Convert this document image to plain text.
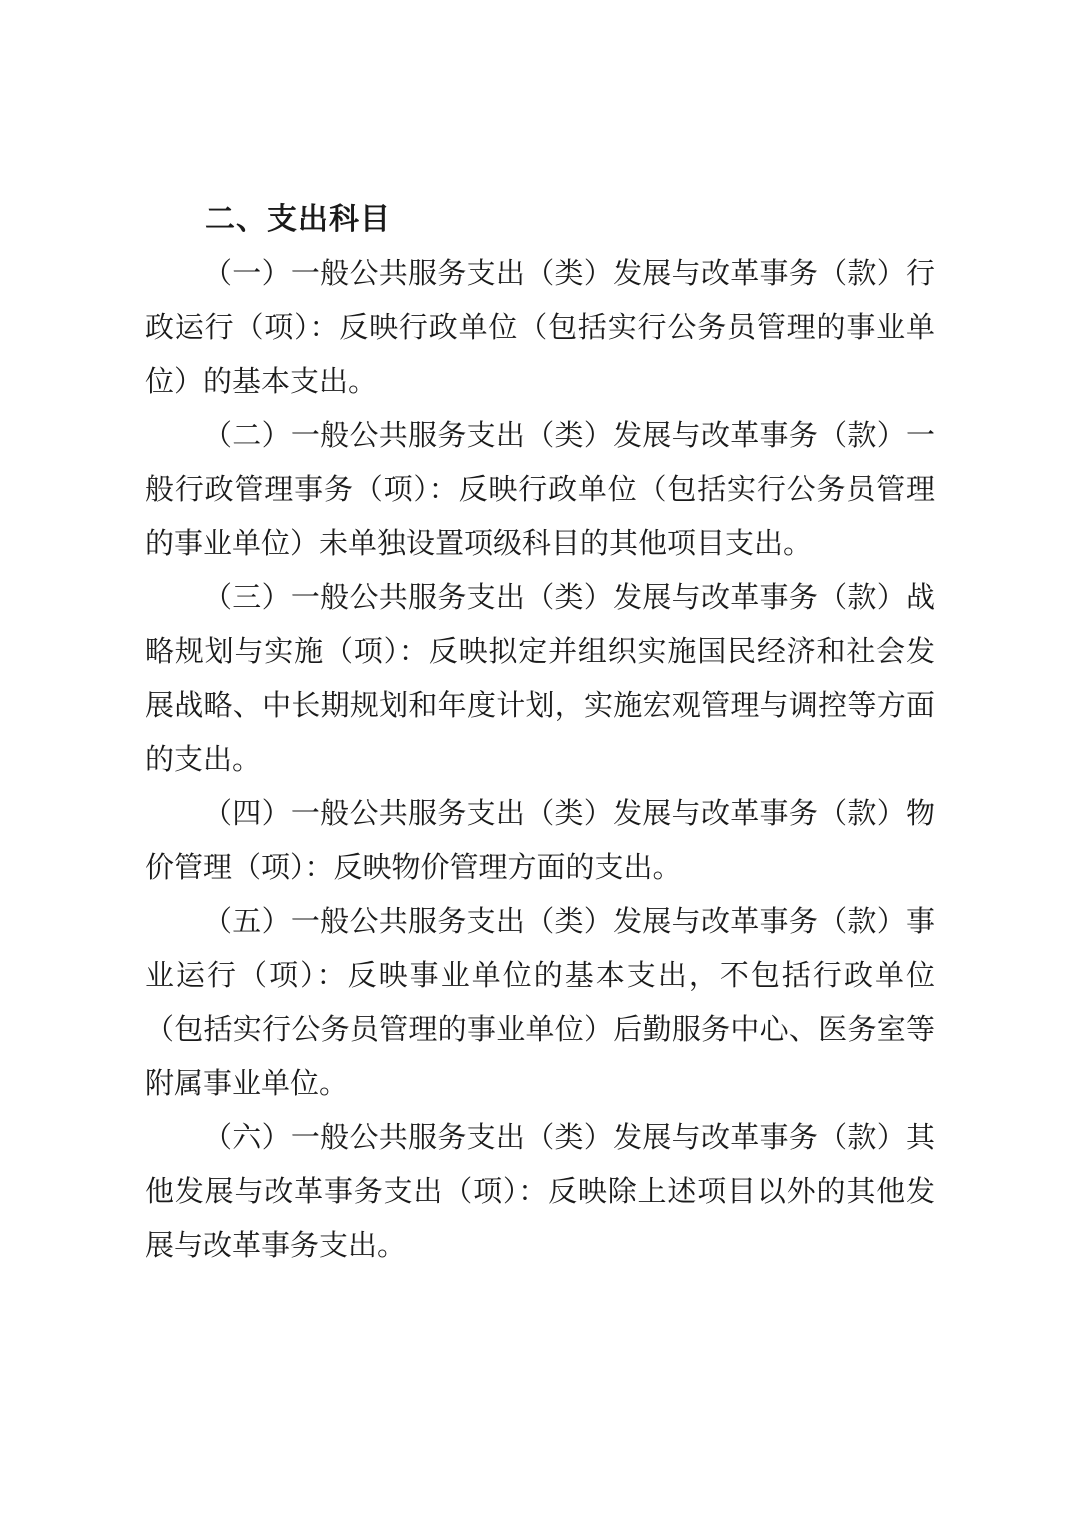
二、支出科目

（一）一般公共服务支出（类）发展与改革事务（款）行政运行（项）：反映行政单位（包括实行公务员管理的事业单位）的基本支出。

（二）一般公共服务支出（类）发展与改革事务（款）一般行政管理事务（项）：反映行政单位（包括实行公务员管理的事业单位）未单独设置项级科目的其他项目支出。

（三）一般公共服务支出（类）发展与改革事务（款）战略规划与实施（项）：反映拟定并组织实施国民经济和社会发展战略、中长期规划和年度计划，实施宏观管理与调控等方面的支出。

（四）一般公共服务支出（类）发展与改革事务（款）物价管理（项）：反映物价管理方面的支出。

（五）一般公共服务支出（类）发展与改革事务（款）事业运行（项）：反映事业单位的基本支出，不包括行政单位（包括实行公务员管理的事业单位）后勤服务中心、医务室等附属事业单位。

（六）一般公共服务支出（类）发展与改革事务（款）其他发展与改革事务支出（项）：反映除上述项目以外的其他发展与改革事务支出。
